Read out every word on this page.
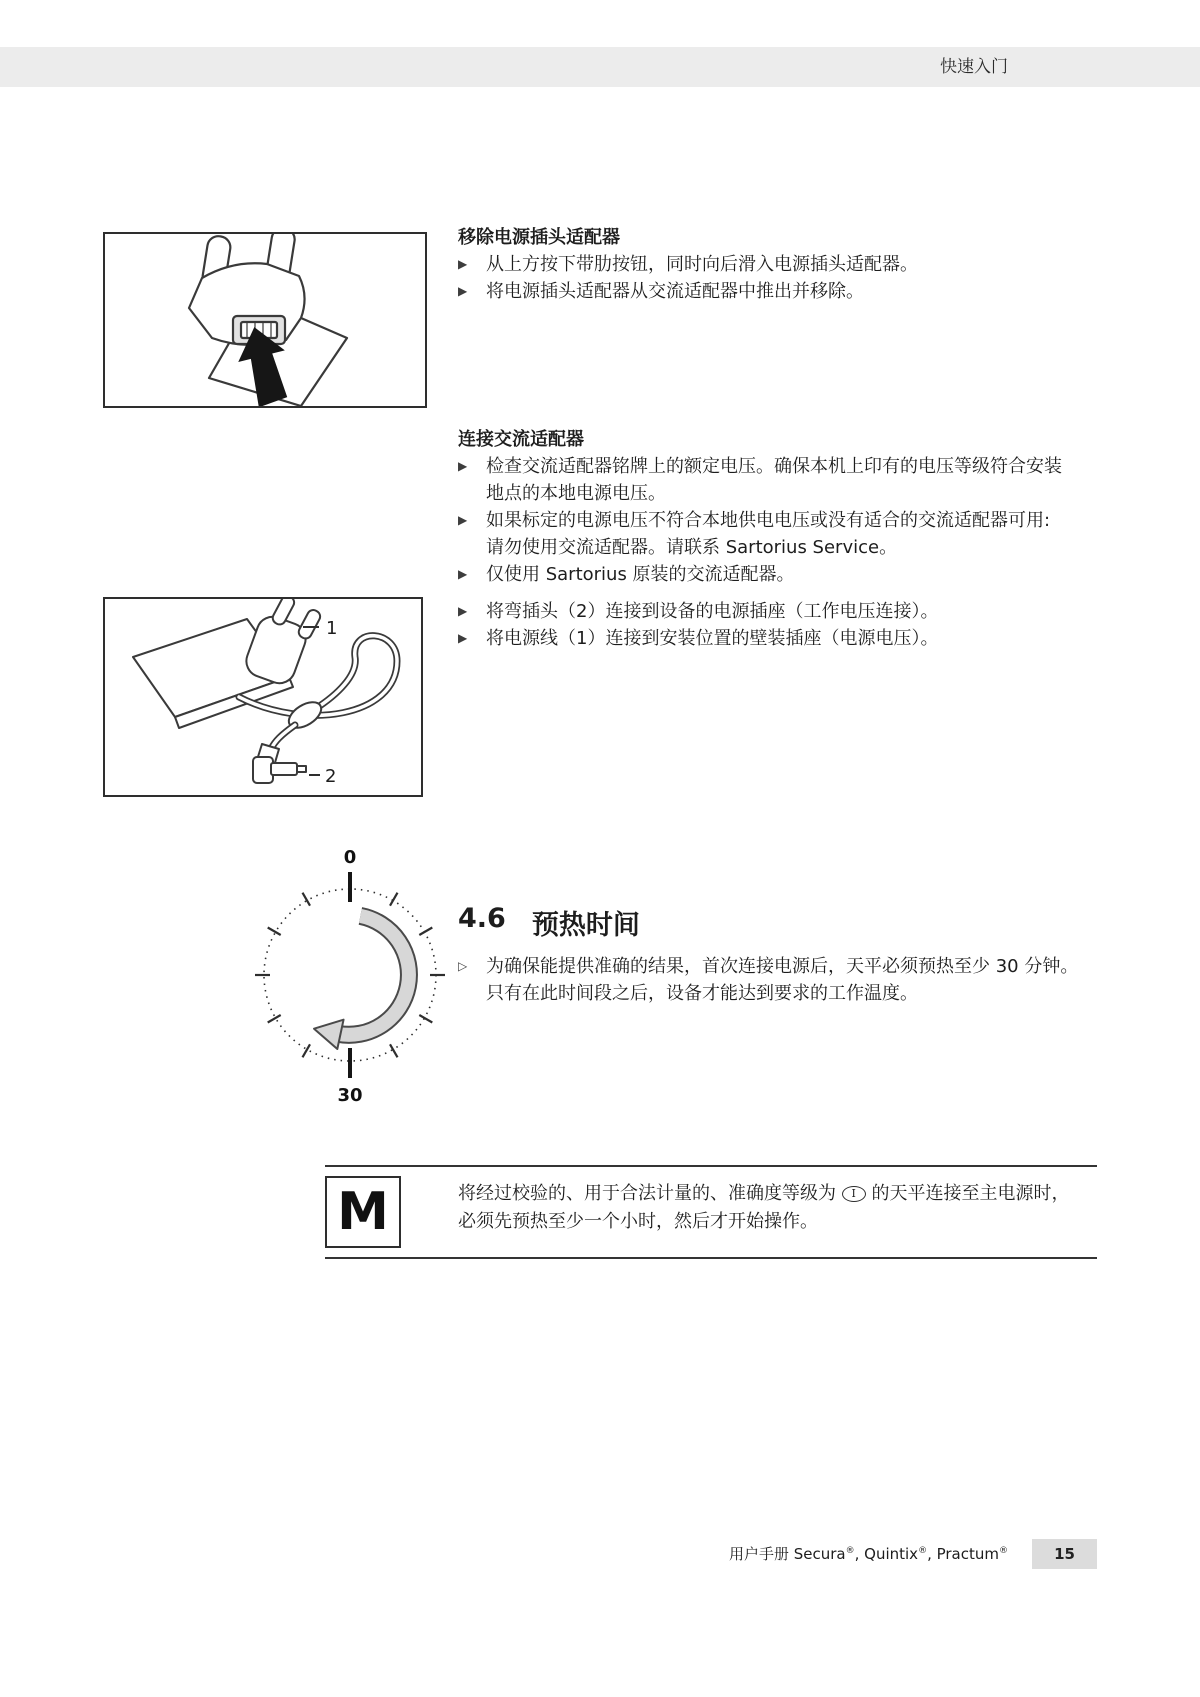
快速入门
移除电源插头适配器
▶	从上方按下带肋按钮，同时向后滑入电源插头适配器。
▶	将电源插头适配器从交流适配器中推出并移除。
连接交流适配器
▶	检查交流适配器铭牌上的额定电压。确保本机上印有的电压等级符合安装
地点的本地电源电压。
▶	如果标定的电源电压不符合本地供电电压或没有适合的交流适配器可用:
请勿使用交流适配器。请联系 Sartorius Service。
▶	仅使用 Sartorius 原装的交流适配器。
▶	将弯插头（2）连接到设备的电源插座（工作电压连接）。
▶	将电源线（1）连接到安装位置的壁装插座（电源电压）。
1
2
4.6 预热时间
▷	为确保能提供准确的结果，首次连接电源后，天平必须预热至少 30 分钟。
只有在此时间段之后，设备才能达到要求的工作温度。
0
30
M	将经过校验的、用于合法计量的、准确度等级为 I 的天平连接至主电源时，
必须先预热至少一个小时，然后才开始操作。
用户手册 Secura®, Quintix®, Practum®	15
